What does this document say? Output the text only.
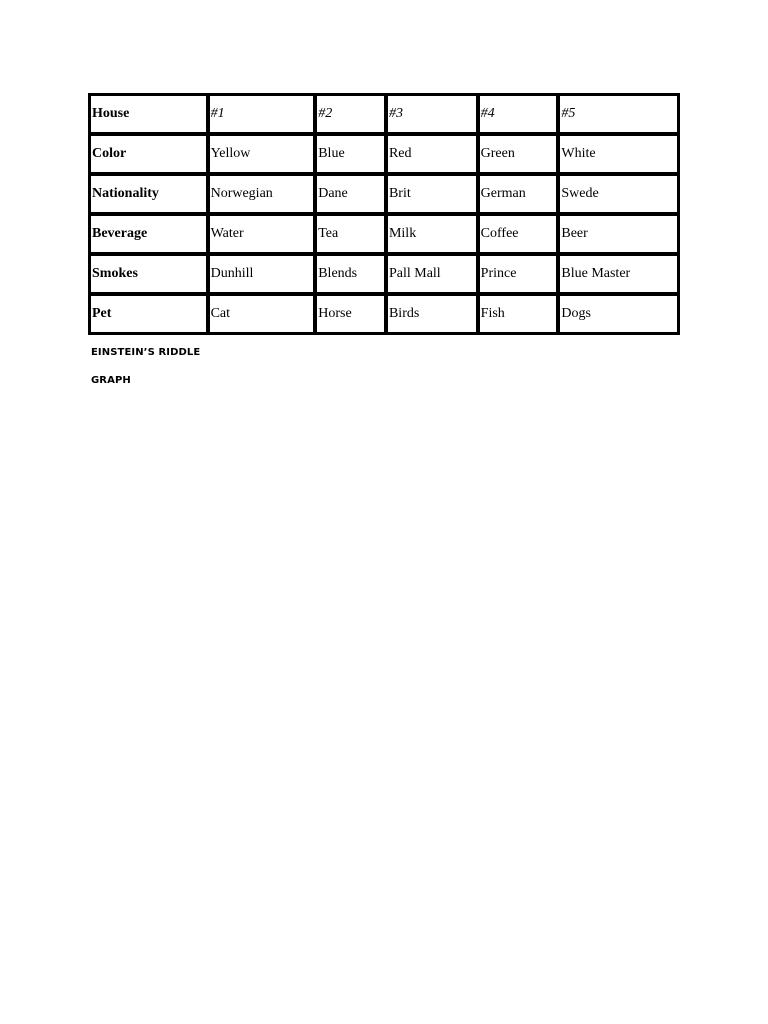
House	#1	#2	#3	#4	#5
Color	Yellow	Blue	Red	Green	White
Nationality	Norwegian	Dane	Brit	German	Swede
Beverage	Water	Tea	Milk	Coffee	Beer
Smokes	Dunhill	Blends	Pall Mall	Prince	Blue Master
Pet	Cat	Horse	Birds	Fish	Dogs
EINSTEIN’S RIDDLE
GRAPH
